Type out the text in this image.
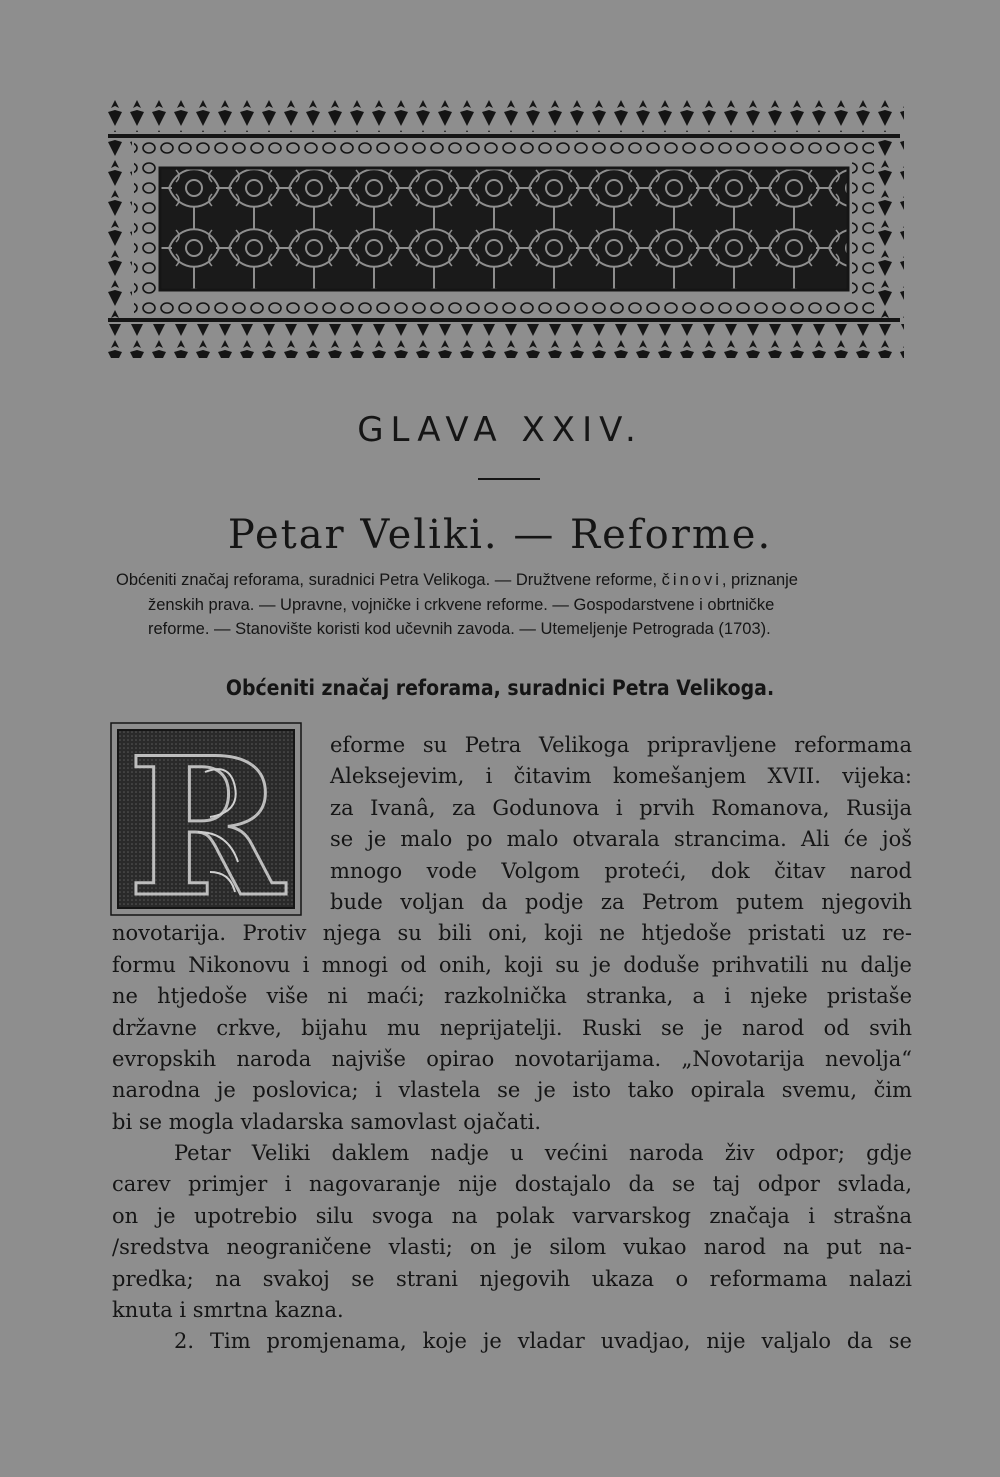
GLAVA XXIV.
Petar Veliki. — Reforme.
Obćeniti značaj reforama, suradnici Petra Velikoga. — Družtvene reforme, činovi, priznanje
ženskih prava. — Upravne, vojničke i crkvene reforme. — Gospodarstvene i obrtničke
reforme. — Stanovište koristi kod učevnih zavoda. — Utemeljenje Petrograda (1703).
Obćeniti značaj reforama, suradnici Petra Velikoga.
R	eforme su Petra Velikoga pripravljene reformama
Aleksejevim, i čitavim komešanjem XVII. vijeka:
za Ivanâ, za Godunova i prvih Romanova, Rusija
se je malo po malo otvarala strancima. Ali će još
mnogo vode Volgom proteći, dok čitav narod
bude voljan da podje za Petrom putem njegovih
novotarija. Protiv njega su bili oni, koji ne htjedoše pristati uz re-
formu Nikonovu i mnogi od onih, koji su je doduše prihvatili nu dalje
ne htjedoše više ni maći; razkolnička stranka, a i njeke pristaše
državne crkve, bijahu mu neprijatelji. Ruski se je narod od svih
evropskih naroda najviše opirao novotarijama. „Novotarija nevolja“
narodna je poslovica; i vlastela se je isto tako opirala svemu, čim
bi se mogla vladarska samovlast ojačati.
Petar Veliki daklem nadje u većini naroda živ odpor; gdje
carev primjer i nagovaranje nije dostajalo da se taj odpor svlada,
on je upotrebio silu svoga na polak varvarskog značaja i strašna
/sredstva neograničene vlasti; on je silom vukao narod na put na-
predka; na svakoj se strani njegovih ukaza o reformama nalazi
knuta i smrtna kazna.
2. Tim promjenama, koje je vladar uvadjao, nije valjalo da se
